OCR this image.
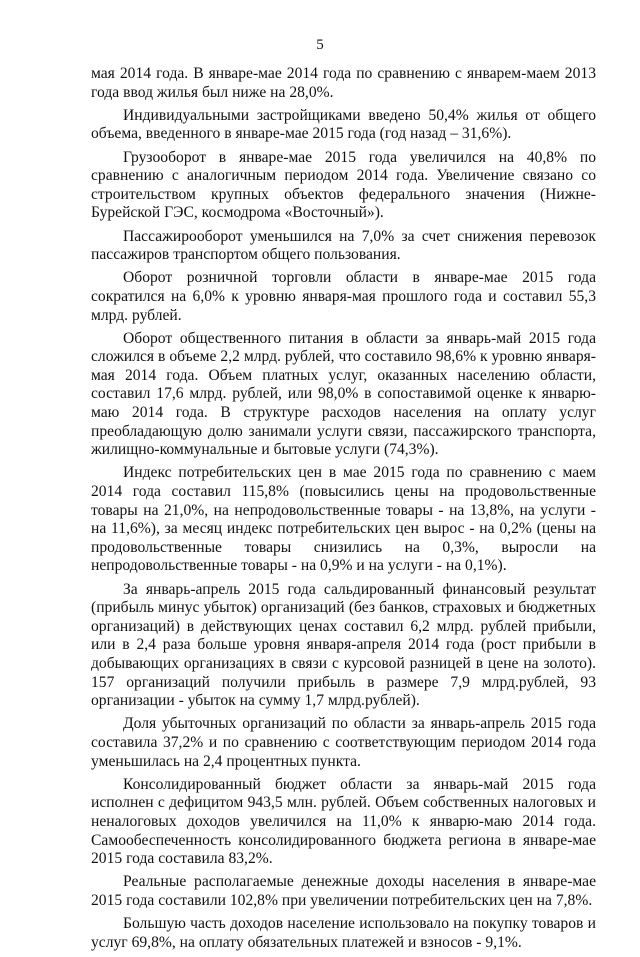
5

мая 2014 года. В январе-мае 2014 года по сравнению с январем-маем 2013 года ввод жилья был ниже на 28,0%.

Индивидуальными застройщиками введено 50,4% жилья от общего объема, введенного в январе-мае 2015 года (год назад – 31,6%).

Грузооборот в январе-мае 2015 года увеличился на 40,8% по сравнению с аналогичным периодом 2014 года. Увеличение связано со строительством крупных объектов федерального значения (Нижне-Бурейской ГЭС, космодрома «Восточный»).

Пассажирооборот уменьшился на 7,0% за счет снижения перевозок пассажиров транспортом общего пользования.

Оборот розничной торговли области в январе-мае 2015 года сократился на 6,0% к уровню января-мая прошлого года и составил 55,3 млрд. рублей.

Оборот общественного питания в области за январь-май 2015 года сложился в объеме 2,2 млрд. рублей, что составило 98,6% к уровню января-мая 2014 года. Объем платных услуг, оказанных населению области, составил 17,6 млрд. рублей, или 98,0% в сопоставимой оценке к январю-маю 2014 года. В структуре расходов населения на оплату услуг преобладающую долю занимали услуги связи, пассажирского транспорта, жилищно-коммунальные и бытовые услуги (74,3%).

Индекс потребительских цен в мае 2015 года по сравнению с маем 2014 года составил 115,8% (повысились цены на продовольственные товары на 21,0%, на непродовольственные товары - на 13,8%, на услуги - на 11,6%), за месяц индекс потребительских цен вырос - на 0,2% (цены на продовольственные товары снизились на 0,3%, выросли на непродовольственные товары - на 0,9% и на услуги - на 0,1%).

За январь-апрель 2015 года сальдированный финансовый результат (прибыль минус убыток) организаций (без банков, страховых и бюджетных организаций) в действующих ценах составил 6,2 млрд. рублей прибыли, или в 2,4 раза больше уровня января-апреля 2014 года (рост прибыли в добывающих организациях в связи с курсовой разницей в цене на золото). 157 организаций получили прибыль в размере 7,9 млрд.рублей, 93 организации - убыток на сумму 1,7 млрд.рублей).

Доля убыточных организаций по области за январь-апрель 2015 года составила 37,2% и по сравнению с соответствующим периодом 2014 года уменьшилась на 2,4 процентных пункта.

Консолидированный бюджет области за январь-май 2015 года исполнен с дефицитом 943,5 млн. рублей. Объем собственных налоговых и неналоговых доходов увеличился на 11,0% к январю-маю 2014 года. Самообеспеченность консолидированного бюджета региона в январе-мае 2015 года составила 83,2%.

Реальные располагаемые денежные доходы населения в январе-мае 2015 года составили 102,8% при увеличении потребительских цен на 7,8%.

Большую часть доходов население использовало на покупку товаров и услуг 69,8%, на оплату обязательных платежей и взносов - 9,1%.
